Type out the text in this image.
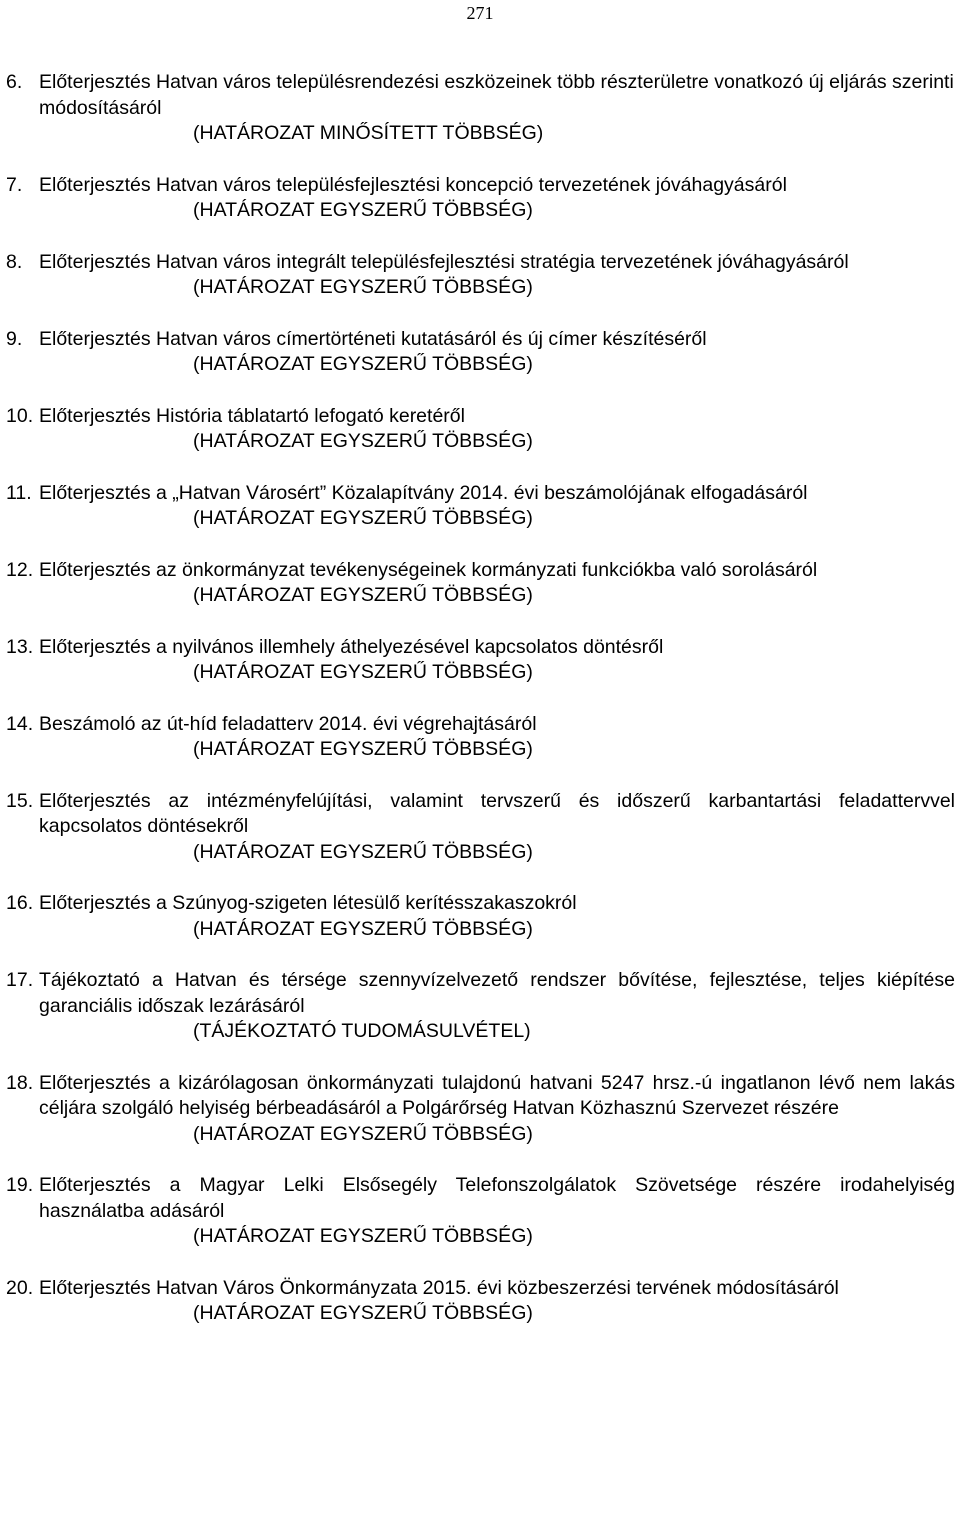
271
6. Előterjesztés Hatvan város településrendezési eszközeinek több részterületre vonatkozó új eljárás szerinti módosításáról
(HATÁROZAT MINŐSÍTETT TÖBBSÉG)
7. Előterjesztés Hatvan város településfejlesztési koncepció tervezetének jóváhagyásáról
(HATÁROZAT EGYSZERŰ TÖBBSÉG)
8. Előterjesztés Hatvan város integrált településfejlesztési stratégia tervezetének jóváhagyásáról
(HATÁROZAT EGYSZERŰ TÖBBSÉG)
9. Előterjesztés Hatvan város címertörténeti kutatásáról és új címer készítéséről
(HATÁROZAT EGYSZERŰ TÖBBSÉG)
10. Előterjesztés História táblatartó lefogató keretéről
(HATÁROZAT EGYSZERŰ TÖBBSÉG)
11. Előterjesztés a „Hatvan Városért” Közalapítvány 2014. évi beszámolójának elfogadásáról
(HATÁROZAT EGYSZERŰ TÖBBSÉG)
12. Előterjesztés az önkormányzat tevékenységeinek kormányzati funkciókba való sorolásáról
(HATÁROZAT EGYSZERŰ TÖBBSÉG)
13. Előterjesztés a nyilvános illemhely áthelyezésével kapcsolatos döntésről
(HATÁROZAT EGYSZERŰ TÖBBSÉG)
14. Beszámoló az út-híd feladatterv 2014. évi végrehajtásáról
(HATÁROZAT EGYSZERŰ TÖBBSÉG)
15. Előterjesztés az intézményfelújítási, valamint tervszerű és időszerű karbantartási feladattervvel kapcsolatos döntésekről
(HATÁROZAT EGYSZERŰ TÖBBSÉG)
16. Előterjesztés a Szúnyog-szigeten létesülő kerítésszakaszokról
(HATÁROZAT EGYSZERŰ TÖBBSÉG)
17. Tájékoztató a Hatvan és térsége szennyvízelvezető rendszer bővítése, fejlesztése, teljes kiépítése garanciális időszak lezárásáról
(TÁJÉKOZTATÓ TUDOMÁSULVÉTEL)
18. Előterjesztés a kizárólagosan önkormányzati tulajdonú hatvani 5247 hrsz.-ú ingatlanon lévő nem lakás céljára szolgáló helyiség bérbeadásáról a Polgárőrség Hatvan Közhasznú Szervezet részére
(HATÁROZAT EGYSZERŰ TÖBBSÉG)
19. Előterjesztés a Magyar Lelki Elsősegély Telefonszolgálatok Szövetsége részére irodahelyiség használatba adásáról
(HATÁROZAT EGYSZERŰ TÖBBSÉG)
20. Előterjesztés Hatvan Város Önkormányzata 2015. évi közbeszerzési tervének módosításáról
(HATÁROZAT EGYSZERŰ TÖBBSÉG)
